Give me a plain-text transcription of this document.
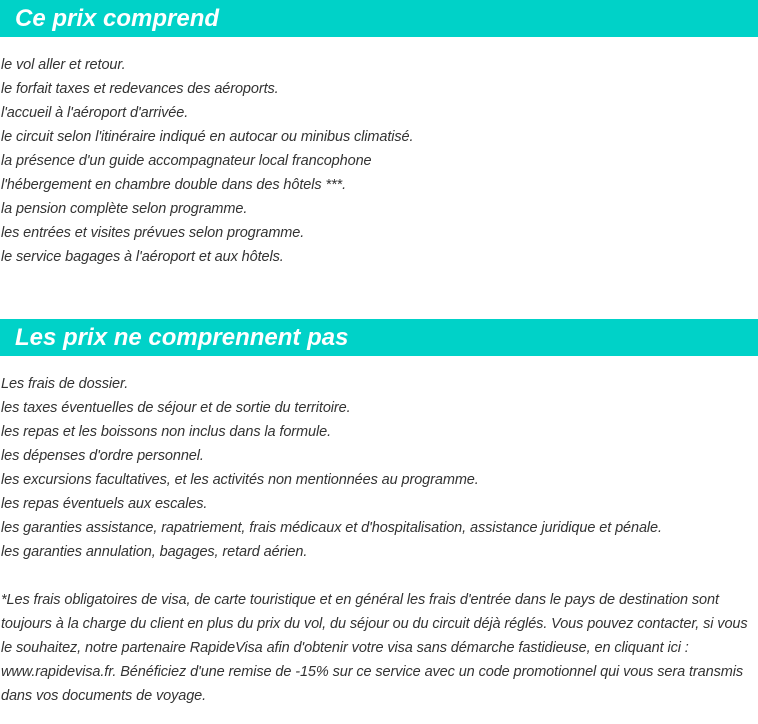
Ce prix comprend
le vol aller et retour.
le forfait taxes et redevances des aéroports.
l'accueil à l'aéroport d'arrivée.
le circuit selon l'itinéraire indiqué en autocar ou minibus climatisé.
la présence d'un guide accompagnateur local francophone
l'hébergement en chambre double dans des hôtels ***.
la pension complète selon programme.
les entrées et visites prévues selon programme.
le service bagages à l'aéroport et aux hôtels.
Les prix ne comprennent pas
Les frais de dossier.
les taxes éventuelles de séjour et de sortie du territoire.
les repas et les boissons non inclus dans la formule.
les dépenses d'ordre personnel.
les excursions facultatives, et les activités non mentionnées au programme.
les repas éventuels aux escales.
les garanties assistance, rapatriement, frais médicaux et d'hospitalisation, assistance juridique et pénale.
les garanties annulation, bagages, retard aérien.

*Les frais obligatoires de visa, de carte touristique et en général les frais d'entrée dans le pays de destination sont toujours à la charge du client en plus du prix du vol, du séjour ou du circuit déjà réglés. Vous pouvez contacter, si vous le souhaitez, notre partenaire RapideVisa afin d'obtenir votre visa sans démarche fastidieuse, en cliquant ici : www.rapidevisa.fr. Bénéficiez d'une remise de -15% sur ce service avec un code promotionnel qui vous sera transmis dans vos documents de voyage.
